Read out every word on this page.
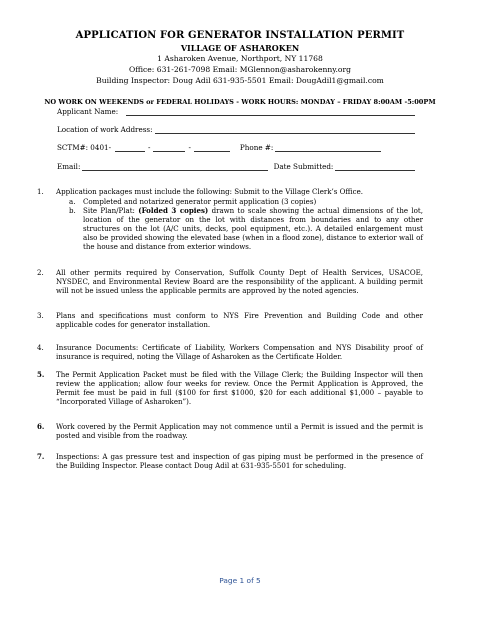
APPLICATION FOR GENERATOR INSTALLATION PERMIT
VILLAGE OF ASHAROKEN
1 Asharoken Avenue, Northport, NY 11768
Office: 631-261-7098 Email: MGlennon@asharokenny.org
Building Inspector: Doug Adil 631-935-5501 Email: DougAdil1@gmail.com
NO WORK ON WEEKENDS or FEDERAL HOLIDAYS - WORK HOURS: MONDAY – FRIDAY 8:00AM -5:00PM
Applicant Name:
Location of work Address:
SCTM#: 0401-	-	-	Phone #:
Email:	Date Submitted:
1.	Application packages must include the following: Submit to the Village Clerk’s Office.
a.	Completed and notarized generator permit application (3 copies)
b.	Site Plan/Plat: (Folded 3 copies) drawn to scale showing the actual dimensions of the lot, location of the generator on the lot with distances from boundaries and to any other structures on the lot (A/C units, decks, pool equipment, etc.). A detailed enlargement must also be provided showing the elevated base (when in a flood zone), distance to exterior wall of the house and distance from exterior windows.
2.	All other permits required by Conservation, Suffolk County Dept of Health Services, USACOE, NYSDEC, and Environmental Review Board are the responsibility of the applicant. A building permit will not be issued unless the applicable permits are approved by the noted agencies.
3.	Plans and specifications must conform to NYS Fire Prevention and Building Code and other applicable codes for generator installation.
4.	Insurance Documents: Certificate of Liability, Workers Compensation and NYS Disability proof of insurance is required, noting the Village of Asharoken as the Certificate Holder.
5.	The Permit Application Packet must be filed with the Village Clerk; the Building Inspector will then review the application; allow four weeks for review. Once the Permit Application is Approved, the Permit fee must be paid in full ($100 for first $1000, $20 for each additional $1,000 – payable to “Incorporated Village of Asharoken”).
6.	Work covered by the Permit Application may not commence until a Permit is issued and the permit is posted and visible from the roadway.
7.	Inspections: A gas pressure test and inspection of gas piping must be performed in the presence of the Building Inspector. Please contact Doug Adil at 631-935-5501 for scheduling.
Page 1 of 5
